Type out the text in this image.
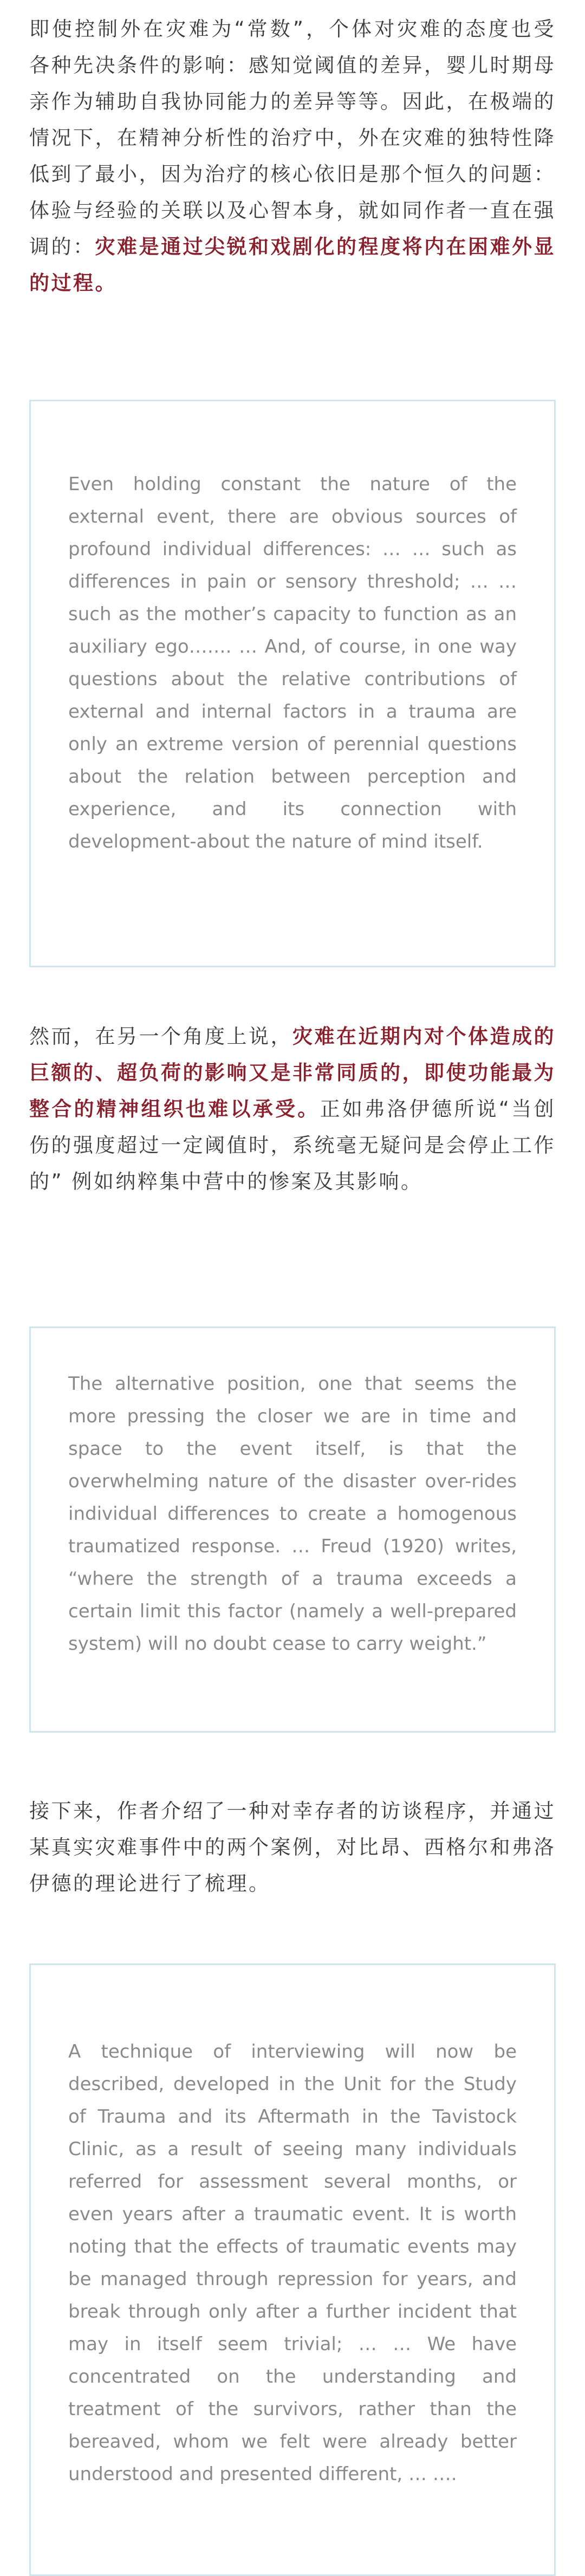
即使控制外在灾难为“常数”，个体对灾难的态度也受各种先决条件的影响：感知觉阈值的差异，婴儿时期母亲作为辅助自我协同能力的差异等等。因此，在极端的情况下，在精神分析性的治疗中，外在灾难的独特性降低到了最小，因为治疗的核心依旧是那个恒久的问题：体验与经验的关联以及心智本身，就如同作者一直在强调的：灾难是通过尖锐和戏剧化的程度将内在困难外显的过程。

Even holding constant the nature of the external event, there are obvious sources of profound individual differences: … … such as differences in pain or sensory threshold; … … such as the mother’s capacity to function as an auxiliary ego……. … And, of course, in one way questions about the relative contributions of external and internal factors in a trauma are only an extreme version of perennial questions about the relation between perception and experience, and its connection with development-about the nature of mind itself.

然而，在另一个角度上说，灾难在近期内对个体造成的巨额的、超负荷的影响又是非常同质的，即使功能最为整合的精神组织也难以承受。正如弗洛伊德所说“当创伤的强度超过一定阈值时，系统毫无疑问是会停止工作的” 例如纳粹集中营中的惨案及其影响。

The alternative position, one that seems the more pressing the closer we are in time and space to the event itself, is that the overwhelming nature of the disaster over-rides individual differences to create a homogenous traumatized response. … Freud (1920) writes, “where the strength of a trauma exceeds a certain limit this factor (namely a well-prepared system) will no doubt cease to carry weight.”

接下来，作者介绍了一种对幸存者的访谈程序，并通过某真实灾难事件中的两个案例，对比昂、西格尔和弗洛伊德的理论进行了梳理。

A technique of interviewing will now be described, developed in the Unit for the Study of Trauma and its Aftermath in the Tavistock Clinic, as a result of seeing many individuals referred for assessment several months, or even years after a traumatic event. It is worth noting that the effects of traumatic events may be managed through repression for years, and break through only after a further incident that may in itself seem trivial; … … We have concentrated on the understanding and treatment of the survivors, rather than the bereaved, whom we felt were already better understood and presented different, … ….
